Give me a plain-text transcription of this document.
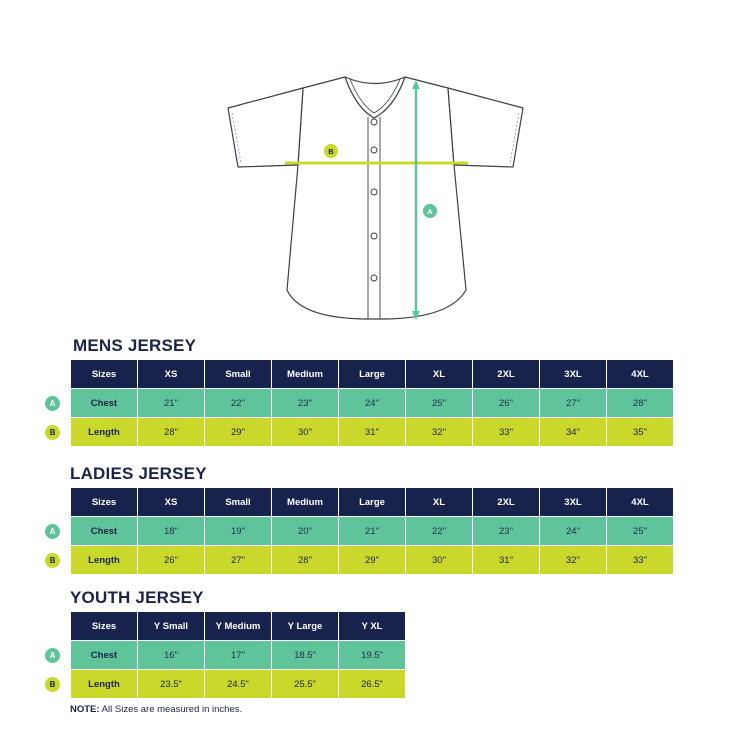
B
A
MENS JERSEY
Sizes	XS	Small	Medium	Large	XL	2XL	3XL	4XL
Chest	21"	22"	23"	24"	25"	26"	27"	28"
Length	28"	29"	30"	31"	32"	33"	34"	35"
A
B
LADIES JERSEY
Sizes	XS	Small	Medium	Large	XL	2XL	3XL	4XL
Chest	18"	19"	20"	21"	22"	23"	24"	25"
Length	26"	27"	28"	29"	30"	31"	32"	33"
A
B
YOUTH JERSEY
Sizes	Y Small	Y Medium	Y Large	Y XL
Chest	16"	17"	18.5"	19.5"
Length	23.5"	24.5"	25.5"	26.5"
A
B
NOTE: All Sizes are measured in inches.
